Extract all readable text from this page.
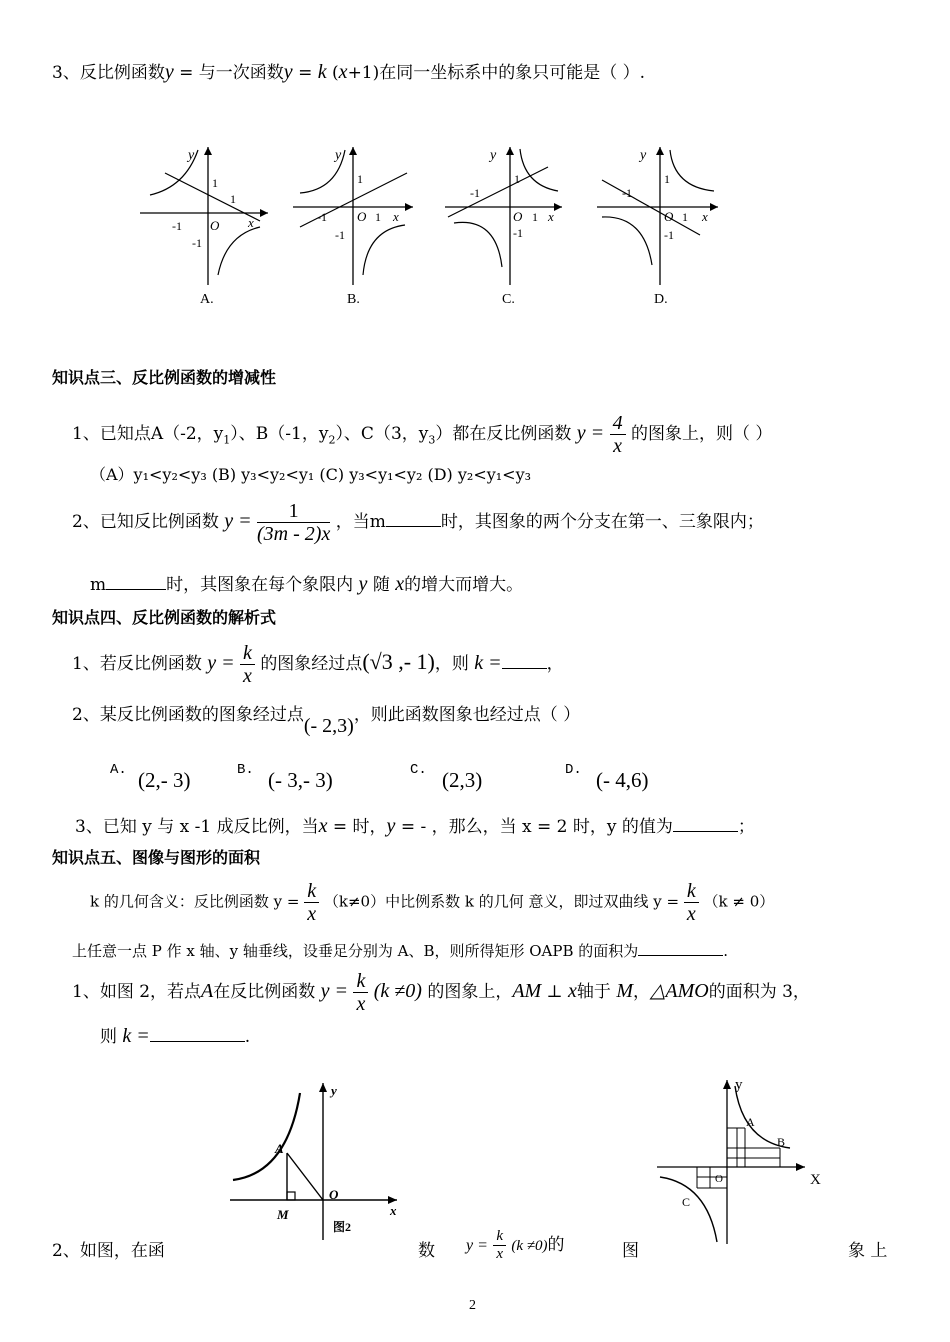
3、反比例函数y = 与一次函数y = k (x+1)在同一坐标系中的象只可能是（ ）.
y
x
O
1
1
-1
-1
A.
y
x
O
1
1
-1
-1
B.
y
x
O
1
1
-1
-1
C.
y
x
O
1
1
-1
-1
D.
知识点三、反比例函数的增减性
1、已知点A（-2，$y_1$）、B（-1，$y_2$）、C（3，$y_3$）都在反比例函数 $y = \frac{4}{x}$ 的图象上，则（ ）
（A）y₁<y₂<y₃ (B) y₃<y₂<y₁ (C) y₃<y₁<y₂ (D) y₂<y₁<y₃
2、已知反比例函数 $y = \frac{1}{(3m - 2)x}$ ，当m	时，其图象的两个分支在第一、三象限内；
m	时，其图象在每个象限内 y 随 x的增大而增大。
知识点四、反比例函数的解析式
1、若反比例函数 $y = \frac{k}{x}$ 的图象经过点(√3 ,- 1)，则 k =	，
2、某反比例函数的图象经过点(- 2,3)，则此函数图象也经过点（ ）
A. (2,- 3)	B. (- 3,- 3)	C. (2,3)	D. (- 4,6)
3、已知 y 与 x -1 成反比例，当x = 时，y = - ，那么，当 x = 2 时，y 的值为	；
知识点五、图像与图形的面积
k 的几何含义：反比例函数 $y = \frac{k}{x} (k\ne 0)$中比例系数 k 的几何 意义，即过双曲线 $y = \frac{k}{x} (k \ne 0)$
上任意一点 P 作 x 轴、y 轴垂线，设垂足分别为 A、B，则所得矩形 OAPB 的面积为	.
1、如图 2，若点A在反比例函数 $y = \frac{k}{x} (k \ne 0)$ 的图象上，AM ⊥ x轴于 M，△AMO的面积为 3，
则 k =	.
y
x
O
A
M
图2
y
X
O
A
B
C
2、如图，在函	数 $y = \frac{k}{x} (k \ne 0)$的	图	象 上
2
